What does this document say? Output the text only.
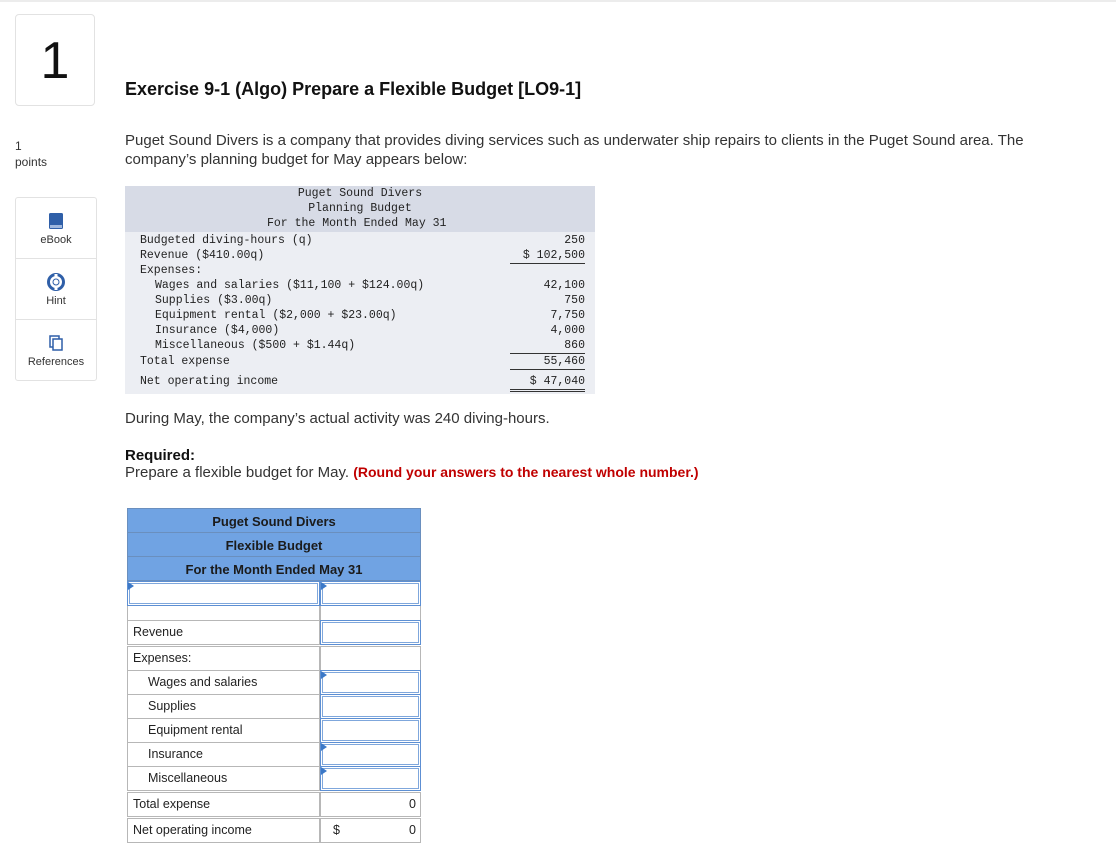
1
1
points
eBook
Hint
References
Exercise 9-1 (Algo) Prepare a Flexible Budget [LO9-1]
Puget Sound Divers is a company that provides diving services such as underwater ship repairs to clients in the Puget Sound area. The company’s planning budget for May appears below:
Puget Sound Divers
Planning Budget
For the Month Ended May 31
Budgeted diving-hours (q)	250
Revenue ($410.00q)	$ 102,500
Expenses:
Wages and salaries ($11,100 + $124.00q)	42,100
Supplies ($3.00q)	750
Equipment rental ($2,000 + $23.00q)	7,750
Insurance ($4,000)	4,000
Miscellaneous ($500 + $1.44q)	860
Total expense	55,460
Net operating income	$ 47,040
During May, the company’s actual activity was 240 diving-hours.
Required:
Prepare a flexible budget for May. (Round your answers to the nearest whole number.)
Puget Sound Divers
Flexible Budget
For the Month Ended May 31
Revenue
Expenses:
Wages and salaries
Supplies
Equipment rental
Insurance
Miscellaneous
Total expense	0
Net operating income	$	0
